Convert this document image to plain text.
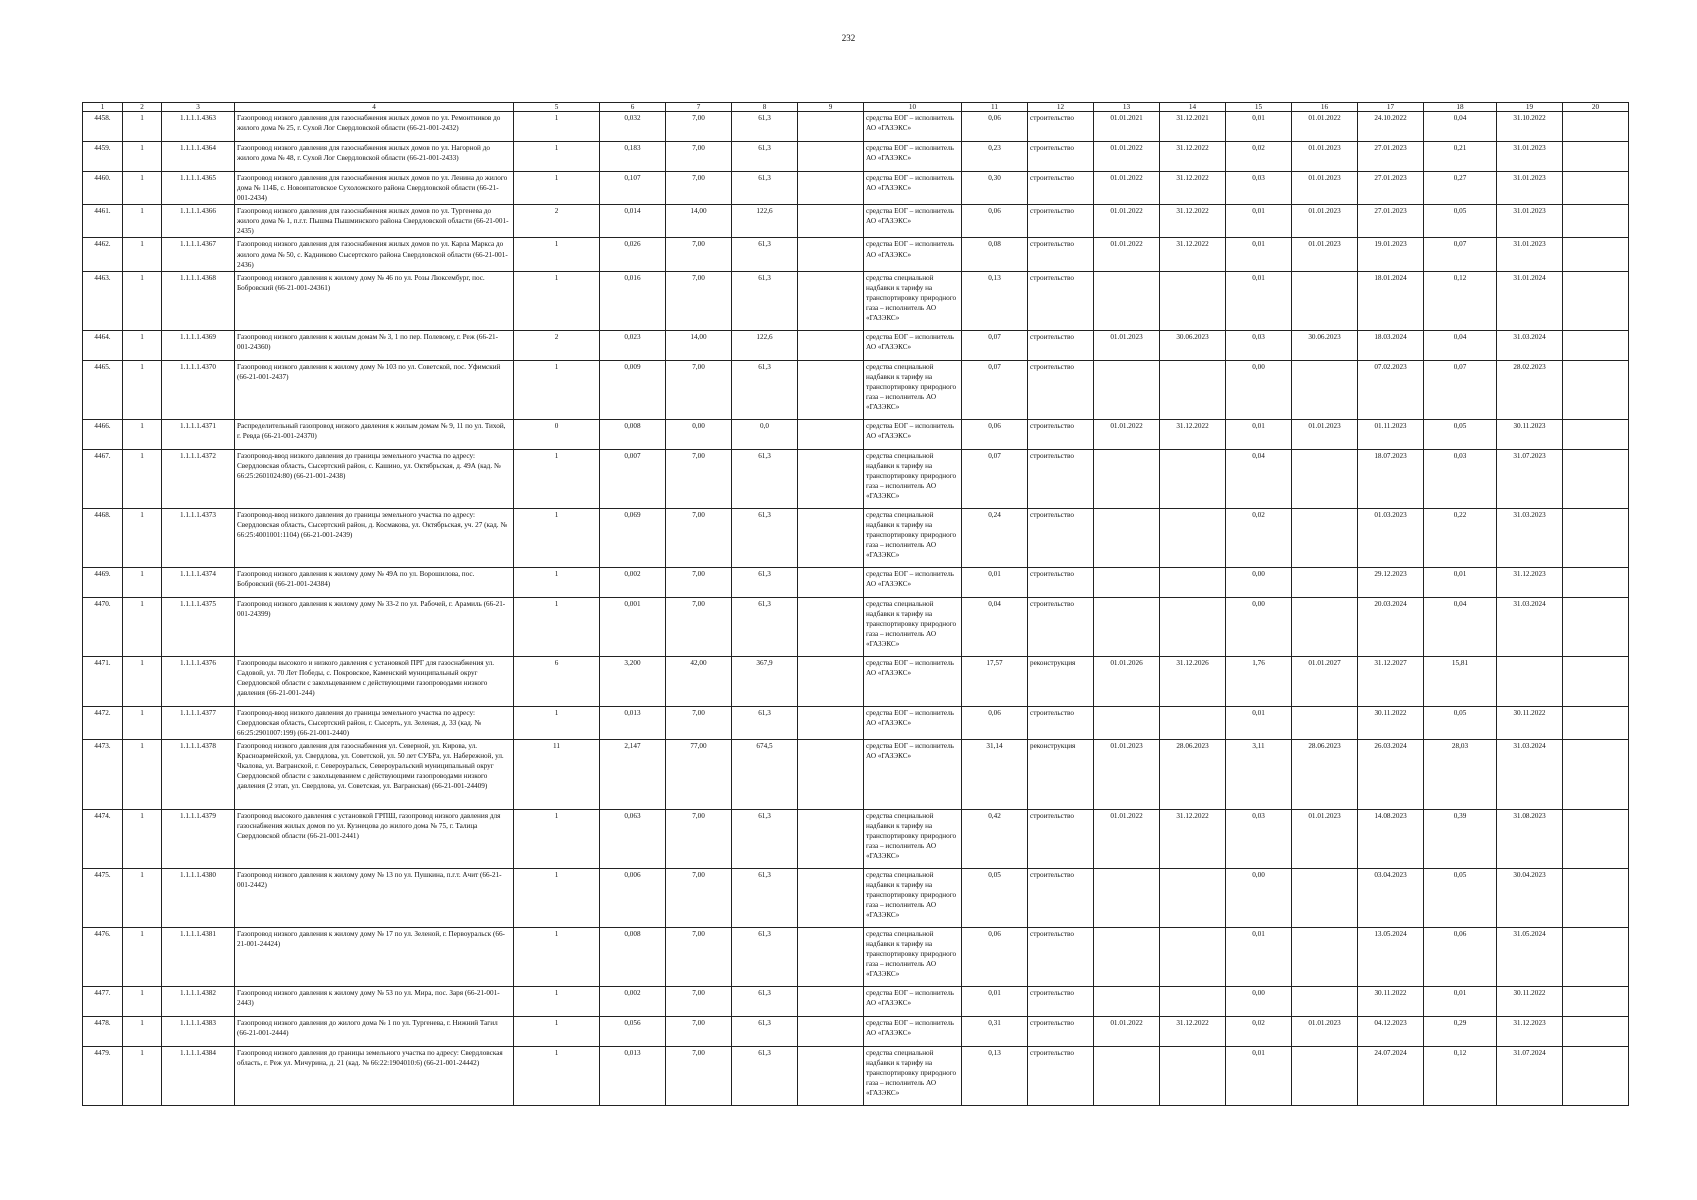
232
1	2	3	4	5	6	7	8	9	10	11	12	13	14	15	16	17	18	19	20
4458.	1	1.1.1.1.4363	Газопровод низкого давления для газоснабжения жилых домов по ул. Ремонтников до жилого дома № 25, г. Сухой Лог Свердловской области (66-21-001-2432)	1	0,032	7,00	61,3		средства ЕОГ – исполнитель АО «ГАЗЭКС»	0,06	строительство	01.01.2021	31.12.2021	0,01	01.01.2022	24.10.2022	0,04	31.10.2022	
4459.	1	1.1.1.1.4364	Газопровод низкого давления для газоснабжения жилых домов по ул. Нагорной до жилого дома № 48, г. Сухой Лог Свердловской области (66-21-001-2433)	1	0,183	7,00	61,3		средства ЕОГ – исполнитель АО «ГАЗЭКС»	0,23	строительство	01.01.2022	31.12.2022	0,02	01.01.2023	27.01.2023	0,21	31.01.2023	
4460.	1	1.1.1.1.4365	Газопровод низкого давления для газоснабжения жилых домов по ул. Ленина до жилого дома № 114Б, с. Новоипатовское Сухоложского района Свердловской области (66-21-001-2434)	1	0,107	7,00	61,3		средства ЕОГ – исполнитель АО «ГАЗЭКС»	0,30	строительство	01.01.2022	31.12.2022	0,03	01.01.2023	27.01.2023	0,27	31.01.2023	
4461.	1	1.1.1.1.4366	Газопровод низкого давления для газоснабжения жилых домов по ул. Тургенева до жилого дома № 1, п.г.т. Пышма Пышминского района Свердловской области (66-21-001-2435)	2	0,014	14,00	122,6		средства ЕОГ – исполнитель АО «ГАЗЭКС»	0,06	строительство	01.01.2022	31.12.2022	0,01	01.01.2023	27.01.2023	0,05	31.01.2023	
4462.	1	1.1.1.1.4367	Газопровод низкого давления для газоснабжения жилых домов по ул. Карла Маркса до жилого дома № 50, с. Кадниково Сысертского района Свердловской области (66-21-001-2436)	1	0,026	7,00	61,3		средства ЕОГ – исполнитель АО «ГАЗЭКС»	0,08	строительство	01.01.2022	31.12.2022	0,01	01.01.2023	19.01.2023	0,07	31.01.2023	
4463.	1	1.1.1.1.4368	Газопровод низкого давления к жилому дому № 46 по ул. Розы Люксембург, пос. Бобровский (66-21-001-24361)	1	0,016	7,00	61,3		средства специальной надбавки к тарифу на транспортировку природного газа – исполнитель АО «ГАЗЭКС»	0,13	строительство			0,01		18.01.2024	0,12	31.01.2024	
4464.	1	1.1.1.1.4369	Газопровод низкого давления к жилым домам № 3, 1 по пер. Полевому, г. Реж (66-21-001-24360)	2	0,023	14,00	122,6		средства ЕОГ – исполнитель АО «ГАЗЭКС»	0,07	строительство	01.01.2023	30.06.2023	0,03	30.06.2023	18.03.2024	0,04	31.03.2024	
4465.	1	1.1.1.1.4370	Газопровод низкого давления к жилому дому № 103 по ул. Советской, пос. Уфимский (66-21-001-2437)	1	0,009	7,00	61,3		средства специальной надбавки к тарифу на транспортировку природного газа – исполнитель АО «ГАЗЭКС»	0,07	строительство			0,00		07.02.2023	0,07	28.02.2023	
4466.	1	1.1.1.1.4371	Распределительный газопровод низкого давления к жилым домам № 9, 11 по ул. Тихой, г. Ревда (66-21-001-24370)	0	0,008	0,00	0,0		средства ЕОГ – исполнитель АО «ГАЗЭКС»	0,06	строительство	01.01.2022	31.12.2022	0,01	01.01.2023	01.11.2023	0,05	30.11.2023	
4467.	1	1.1.1.1.4372	Газопровод-ввод низкого давления до границы земельного участка по адресу: Свердловская область, Сысертский район, с. Кашино, ул. Октябрьская, д. 49А (кад. № 66:25:2601024:80) (66-21-001-2438)	1	0,007	7,00	61,3		средства специальной надбавки к тарифу на транспортировку природного газа – исполнитель АО «ГАЗЭКС»	0,07	строительство			0,04		18.07.2023	0,03	31.07.2023	
4468.	1	1.1.1.1.4373	Газопровод-ввод низкого давления до границы земельного участка по адресу: Свердловская область, Сысертский район, д. Космакова, ул. Октябрьская, уч. 27 (кад. № 66:25:4001001:1104) (66-21-001-2439)	1	0,069	7,00	61,3		средства специальной надбавки к тарифу на транспортировку природного газа – исполнитель АО «ГАЗЭКС»	0,24	строительство			0,02		01.03.2023	0,22	31.03.2023	
4469.	1	1.1.1.1.4374	Газопровод низкого давления к жилому дому № 49А по ул. Ворошилова, пос. Бобровский (66-21-001-24384)	1	0,002	7,00	61,3		средства ЕОГ – исполнитель АО «ГАЗЭКС»	0,01	строительство			0,00		29.12.2023	0,01	31.12.2023	
4470.	1	1.1.1.1.4375	Газопровод низкого давления к жилому дому № 33-2 по ул. Рабочей, г. Арамиль (66-21-001-24399)	1	0,001	7,00	61,3		средства специальной надбавки к тарифу на транспортировку природного газа – исполнитель АО «ГАЗЭКС»	0,04	строительство			0,00		20.03.2024	0,04	31.03.2024	
4471.	1	1.1.1.1.4376	Газопроводы высокого и низкого давления с установкой ПРГ для газоснабжения ул. Садовой, ул. 70 Лет Победы, с. Покровское, Каменский муниципальный округ Свердловской области с закольцеванием с действующими газопроводами низкого давления (66-21-001-244)	6	3,200	42,00	367,9		средства ЕОГ – исполнитель АО «ГАЗЭКС»	17,57	реконструкция	01.01.2026	31.12.2026	1,76	01.01.2027	31.12.2027	15,81		
4472.	1	1.1.1.1.4377	Газопровод-ввод низкого давления до границы земельного участка по адресу: Свердловская область, Сысертский район, г. Сысерть, ул. Зеленая, д. 33 (кад. № 66:25:2901007:199) (66-21-001-2440)	1	0,013	7,00	61,3		средства ЕОГ – исполнитель АО «ГАЗЭКС»	0,06	строительство			0,01		30.11.2022	0,05	30.11.2022	
4473.	1	1.1.1.1.4378	Газопровод низкого давления для газоснабжения ул. Северной, ул. Кирова, ул. Красноармейской, ул. Свердлова, ул. Советской, ул. 50 лет СУБРа, ул. Набережной, ул. Чкалова, ул. Вагранской, г. Североуральск, Североуральский муниципальный округ Свердловской области с закольцеванием с действующими газопроводами низкого давления (2 этап, ул. Свердлова, ул. Советская, ул. Вагранская) (66-21-001-24409)	11	2,147	77,00	674,5		средства ЕОГ – исполнитель АО «ГАЗЭКС»	31,14	реконструкция	01.01.2023	28.06.2023	3,11	28.06.2023	26.03.2024	28,03	31.03.2024	
4474.	1	1.1.1.1.4379	Газопровод высокого давления с установкой ГРПШ, газопровод низкого давления для газоснабжения жилых домов по ул. Кузнецова до жилого дома № 75, г. Талица Свердловской области (66-21-001-2441)	1	0,063	7,00	61,3		средства специальной надбавки к тарифу на транспортировку природного газа – исполнитель АО «ГАЗЭКС»	0,42	строительство	01.01.2022	31.12.2022	0,03	01.01.2023	14.08.2023	0,39	31.08.2023	
4475.	1	1.1.1.1.4380	Газопровод низкого давления к жилому дому № 13 по ул. Пушкина, п.г.т. Ачит (66-21-001-2442)	1	0,006	7,00	61,3		средства специальной надбавки к тарифу на транспортировку природного газа – исполнитель АО «ГАЗЭКС»	0,05	строительство			0,00		03.04.2023	0,05	30.04.2023	
4476.	1	1.1.1.1.4381	Газопровод низкого давления к жилому дому № 17 по ул. Зеленой, г. Первоуральск (66-21-001-24424)	1	0,008	7,00	61,3		средства специальной надбавки к тарифу на транспортировку природного газа – исполнитель АО «ГАЗЭКС»	0,06	строительство			0,01		13.05.2024	0,06	31.05.2024	
4477.	1	1.1.1.1.4382	Газопровод низкого давления к жилому дому № 53 по ул. Мира, пос. Заря (66-21-001-2443)	1	0,002	7,00	61,3		средства ЕОГ – исполнитель АО «ГАЗЭКС»	0,01	строительство			0,00		30.11.2022	0,01	30.11.2022	
4478.	1	1.1.1.1.4383	Газопровод низкого давления до жилого дома № 1 по ул. Тургенева, г. Нижний Тагил (66-21-001-2444)	1	0,056	7,00	61,3		средства ЕОГ – исполнитель АО «ГАЗЭКС»	0,31	строительство	01.01.2022	31.12.2022	0,02	01.01.2023	04.12.2023	0,29	31.12.2023	
4479.	1	1.1.1.1.4384	Газопровод низкого давления до границы земельного участка по адресу: Свердловская область, г. Реж ул. Мичурина, д. 21 (кад. № 66:22:1904010:6) (66-21-001-24442)	1	0,013	7,00	61,3		средства специальной надбавки к тарифу на транспортировку природного газа – исполнитель АО «ГАЗЭКС»	0,13	строительство			0,01		24.07.2024	0,12	31.07.2024	
